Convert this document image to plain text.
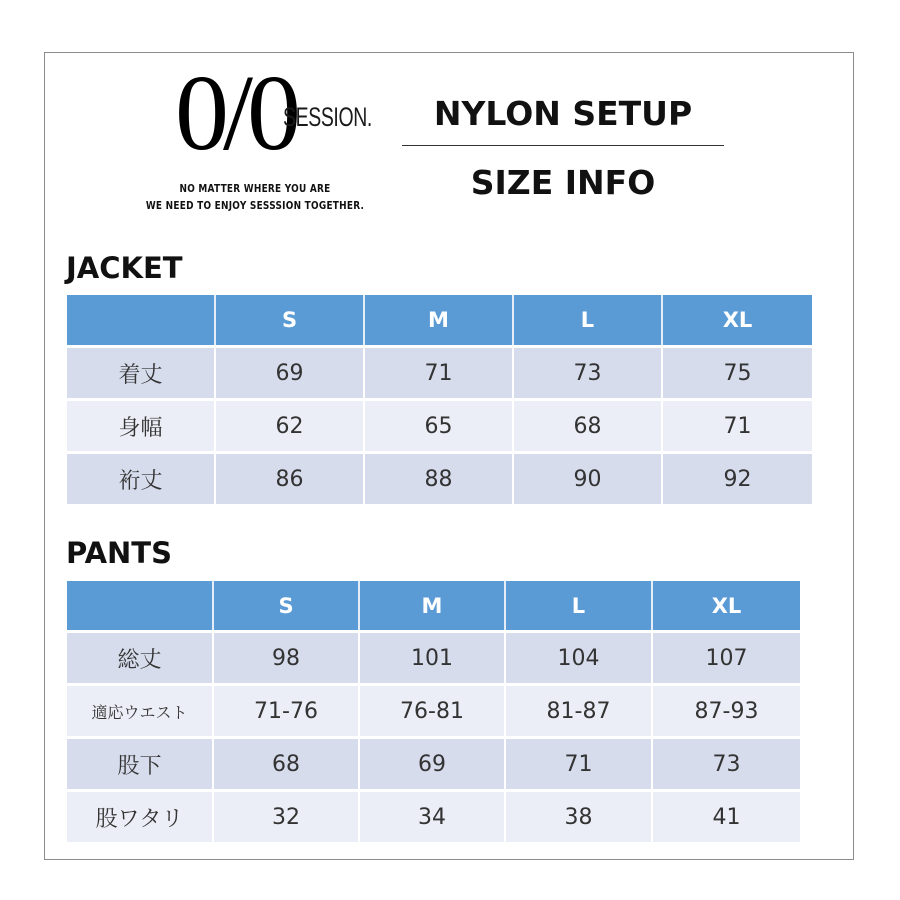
0/0
SESSION.
NO MATTER WHERE YOU ARE
WE NEED TO ENJOY SESSSION TOGETHER.
NYLON SETUP
SIZE INFO
JACKET
	S	M	L	XL
着丈	69	71	73	75
身幅	62	65	68	71
裄丈	86	88	90	92
PANTS
	S	M	L	XL
総丈	98	101	104	107
適応ウエスト	71-76	76-81	81-87	87-93
股下	68	69	71	73
股ワタリ	32	34	38	41
